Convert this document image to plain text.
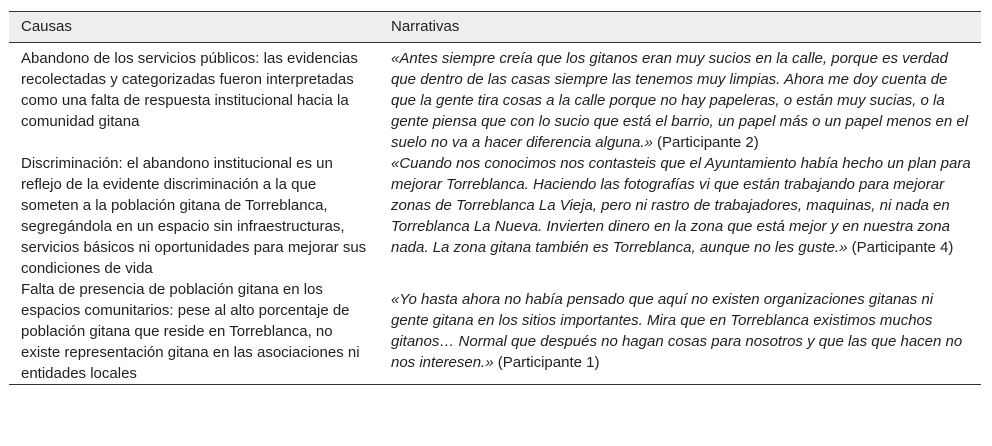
Causas	Narrativas
Abandono de los servicios públicos: las evidencias recolectadas y categorizadas fueron interpretadas como una falta de respuesta institucional hacia la comunidad gitana
«Antes siempre creía que los gitanos eran muy sucios en la calle, porque es verdad que dentro de las casas siempre las tenemos muy limpias. Ahora me doy cuenta de que la gente tira cosas a la calle porque no hay papeleras, o están muy sucias, o la gente piensa que con lo sucio que está el barrio, un papel más o un papel menos en el suelo no va a hacer diferencia alguna.» (Participante 2)
Discriminación: el abandono institucional es un reflejo de la evidente discriminación a la que someten a la población gitana de Torreblanca, segregándola en un espacio sin infraestructuras, servicios básicos ni oportunidades para mejorar sus condiciones de vida
«Cuando nos conocimos nos contasteis que el Ayuntamiento había hecho un plan para mejorar Torreblanca. Haciendo las fotografías vi que están trabajando para mejorar zonas de Torreblanca La Vieja, pero ni rastro de trabajadores, maquinas, ni nada en Torreblanca La Nueva. Invierten dinero en la zona que está mejor y en nuestra zona nada. La zona gitana también es Torreblanca, aunque no les guste.» (Participante 4)
Falta de presencia de población gitana en los espacios comunitarios: pese al alto porcentaje de población gitana que reside en Torreblanca, no existe representación gitana en las asociaciones ni entidades locales
«Yo hasta ahora no había pensado que aquí no existen organizaciones gitanas ni gente gitana en los sitios importantes. Mira que en Torreblanca existimos muchos gitanos… Normal que después no hagan cosas para nosotros y que las que hacen no nos interesen.» (Participante 1)
